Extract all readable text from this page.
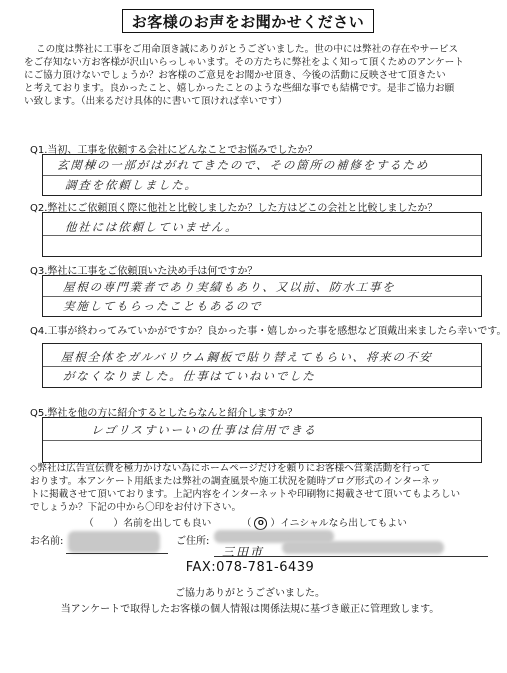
お客様のお声をお聞かせください
この度は弊社に工事をご用命頂き誠にありがとうございました。世の中には弊社の存在やサービス
をご存知ない方お客様が沢山いらっしゃいます。その方たちに弊社をよく知って頂くためのアンケート
にご協力頂けないでしょうか？お客様のご意見をお聞かせ頂き、今後の活動に反映させて頂きたい
と考えております。良かったこと、嬉しかったことのような些細な事でも結構です。是非ご協力お願
い致します。（出来るだけ具体的に書いて頂ければ幸いです）
Q1.当初、工事を依頼する会社にどんなことでお悩みでしたか？
玄関棟の一部がはがれてきたので、その箇所の補修をするため
調査を依頼しました。
Q2.弊社にご依頼頂く際に他社と比較しましたか？した方はどこの会社と比較しましたか？
他社には依頼していません。
Q3.弊社に工事をご依頼頂いた決め手は何ですか？
屋根の専門業者であり実績もあり、又以前、防水工事を
実施してもらったこともあるので
Q4.工事が終わってみていかがですか？良かった事・嬉しかった事を感想など頂戴出来ましたら幸いです。
屋根全体をガルバリウム鋼板で貼り替えてもらい、将来の不安
がなくなりました。仕事はていねいでした
Q5.弊社を他の方に紹介するとしたらなんと紹介しますか？
レゴリスすいーいの仕事は信用できる
◇弊社は広告宣伝費を極力かけない為にホームページだけを頼りにお客様へ営業活動を行って
おります。本アンケート用紙または弊社の調査風景や施工状況を随時ブログ形式のインターネッ
トに掲載させて頂いております。上記内容をインターネットや印刷物に掲載させて頂いてもよろしい
でしょうか？下記の中から〇印をお付け下さい。
（　　）名前を出しても良い	（ O ）イニシャルなら出してもよい
お名前:	ご住所:
三田市
FAX:078-781-6439
ご協力ありがとうございました。
当アンケートで取得したお客様の個人情報は関係法規に基づき厳正に管理致します。
